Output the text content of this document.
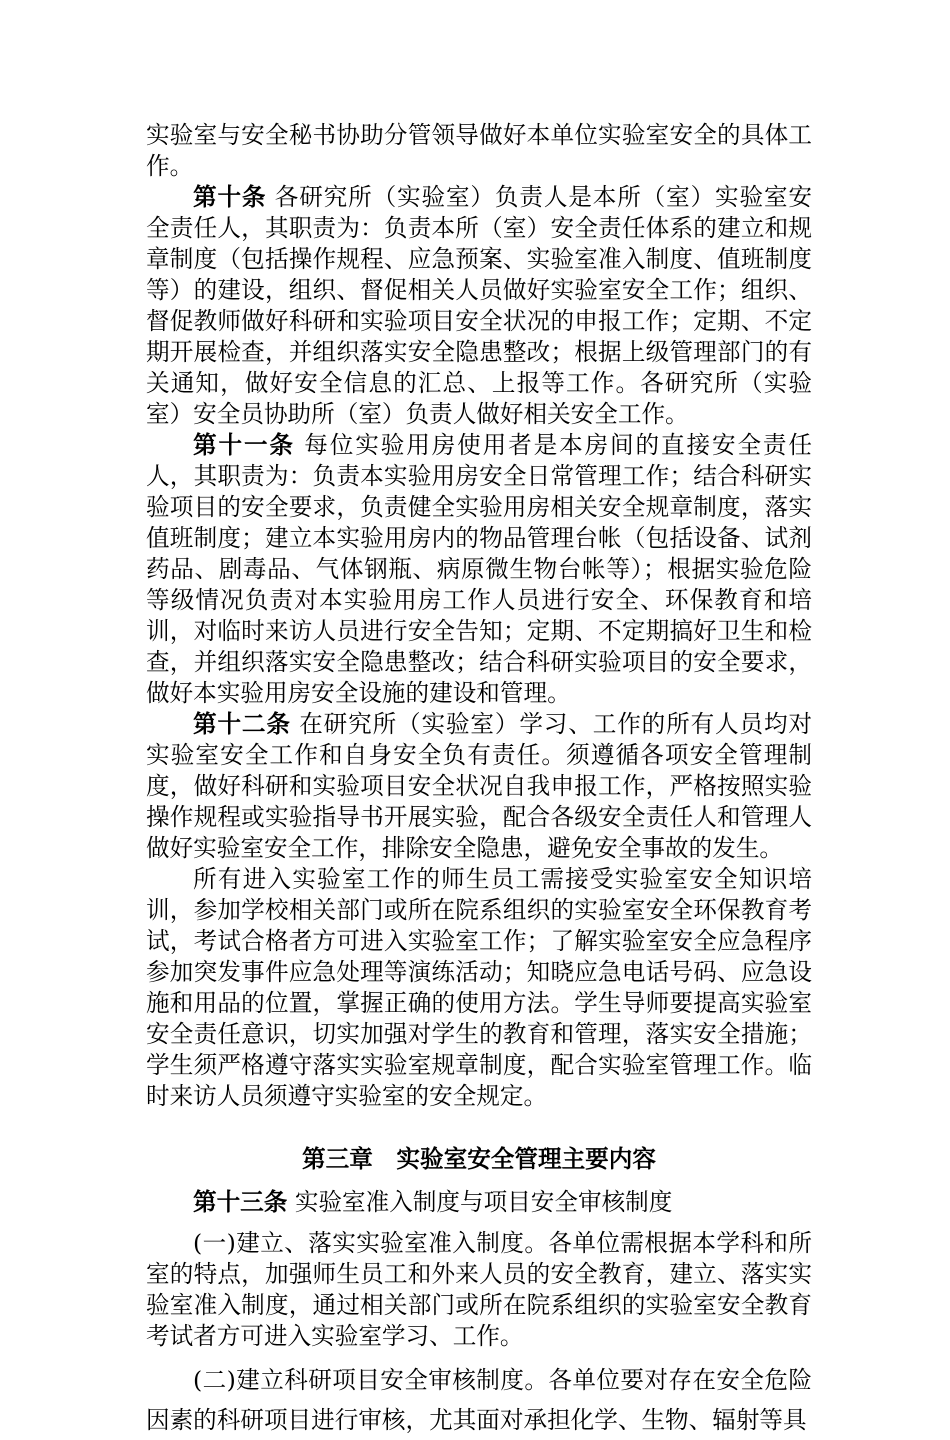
实验室与安全秘书协助分管领导做好本单位实验室安全的具体工作。

第十条 各研究所（实验室）负责人是本所（室）实验室安全责任人，其职责为：负责本所（室）安全责任体系的建立和规章制度（包括操作规程、应急预案、实验室准入制度、值班制度等）的建设，组织、督促相关人员做好实验室安全工作；组织、督促教师做好科研和实验项目安全状况的申报工作；定期、不定期开展检查，并组织落实安全隐患整改；根据上级管理部门的有关通知，做好安全信息的汇总、上报等工作。各研究所（实验室）安全员协助所（室）负责人做好相关安全工作。

第十一条 每位实验用房使用者是本房间的直接安全责任人，其职责为：负责本实验用房安全日常管理工作；结合科研实验项目的安全要求，负责健全实验用房相关安全规章制度，落实值班制度；建立本实验用房内的物品管理台帐（包括设备、试剂药品、剧毒品、气体钢瓶、病原微生物台帐等）；根据实验危险等级情况负责对本实验用房工作人员进行安全、环保教育和培训，对临时来访人员进行安全告知；定期、不定期搞好卫生和检查，并组织落实安全隐患整改；结合科研实验项目的安全要求，做好本实验用房安全设施的建设和管理。

第十二条 在研究所（实验室）学习、工作的所有人员均对实验室安全工作和自身安全负有责任。须遵循各项安全管理制度，做好科研和实验项目安全状况自我申报工作，严格按照实验操作规程或实验指导书开展实验，配合各级安全责任人和管理人做好实验室安全工作，排除安全隐患，避免安全事故的发生。

所有进入实验室工作的师生员工需接受实验室安全知识培训，参加学校相关部门或所在院系组织的实验室安全环保教育考试，考试合格者方可进入实验室工作；了解实验室安全应急程序参加突发事件应急处理等演练活动；知晓应急电话号码、应急设施和用品的位置，掌握正确的使用方法。学生导师要提高实验室安全责任意识，切实加强对学生的教育和管理，落实安全措施；学生须严格遵守落实实验室规章制度，配合实验室管理工作。临时来访人员须遵守实验室的安全规定。

第三章　实验室安全管理主要内容

第十三条 实验室准入制度与项目安全审核制度

(一)建立、落实实验室准入制度。各单位需根据本学科和所室的特点，加强师生员工和外来人员的安全教育，建立、落实实验室准入制度，通过相关部门或所在院系组织的实验室安全教育考试者方可进入实验室学习、工作。

(二)建立科研项目安全审核制度。各单位要对存在安全危险因素的科研项目进行审核，尤其面对承担化学、生物、辐射等具
